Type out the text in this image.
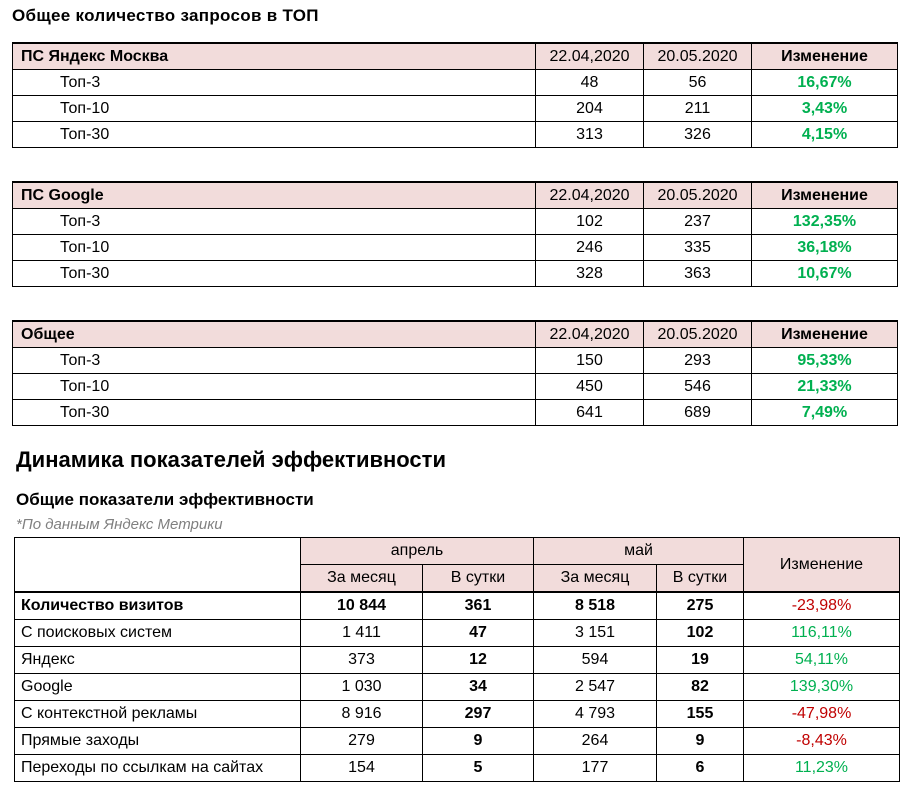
Общее количество запросов в ТОП
ПС Яндекс Москва	22.04,2020	20.05.2020	Изменение
Топ-3	48	56	16,67%
Топ-10	204	211	3,43%
Топ-30	313	326	4,15%
ПС Google	22.04,2020	20.05.2020	Изменение
Топ-3	102	237	132,35%
Топ-10	246	335	36,18%
Топ-30	328	363	10,67%
Общее	22.04,2020	20.05.2020	Изменение
Топ-3	150	293	95,33%
Топ-10	450	546	21,33%
Топ-30	641	689	7,49%
Динамика показателей эффективности
Общие показатели эффективности
*По данным Яндекс Метрики
	апрель		май		Изменение
	За месяц	В сутки	За месяц	В сутки	
Количество визитов	10 844	361	8 518	275	-23,98%
С поисковых систем	1 411	47	3 151	102	116,11%
Яндекс	373	12	594	19	54,11%
Google	1 030	34	2 547	82	139,30%
С контекстной рекламы	8 916	297	4 793	155	-47,98%
Прямые заходы	279	9	264	9	-8,43%
Переходы по ссылкам на сайтах	154	5	177	6	11,23%
